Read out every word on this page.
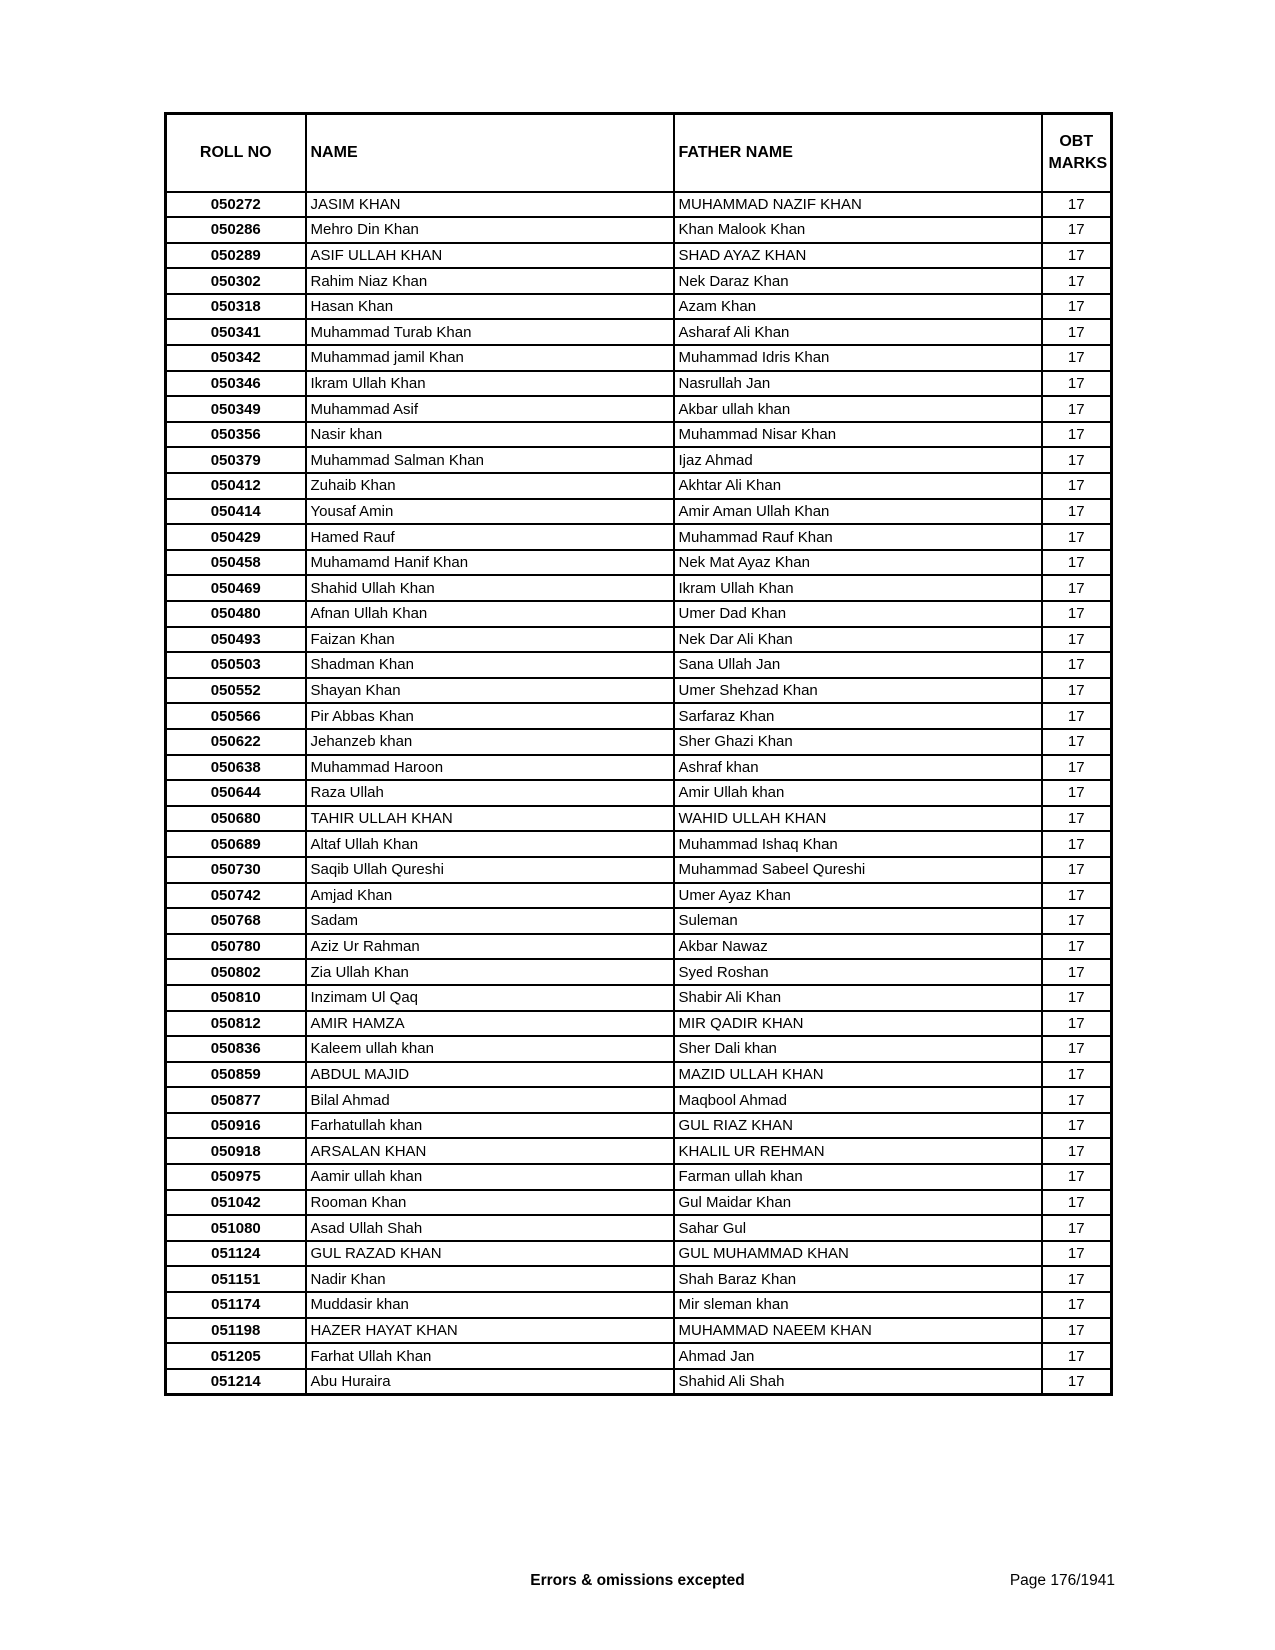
ROLL NO	NAME	FATHER NAME	OBT MARKS
050272	JASIM KHAN	MUHAMMAD NAZIF KHAN	17
050286	Mehro Din Khan	Khan Malook Khan	17
050289	ASIF ULLAH KHAN	SHAD AYAZ KHAN	17
050302	Rahim Niaz Khan	Nek Daraz Khan	17
050318	Hasan Khan	Azam Khan	17
050341	Muhammad Turab Khan	Asharaf Ali Khan	17
050342	Muhammad jamil Khan	Muhammad Idris Khan	17
050346	Ikram Ullah Khan	Nasrullah Jan	17
050349	Muhammad Asif	Akbar ullah khan	17
050356	Nasir khan	Muhammad Nisar Khan	17
050379	Muhammad Salman Khan	Ijaz Ahmad	17
050412	Zuhaib Khan	Akhtar Ali Khan	17
050414	Yousaf Amin	Amir Aman Ullah Khan	17
050429	Hamed Rauf	Muhammad Rauf Khan	17
050458	Muhamamd Hanif Khan	Nek Mat Ayaz Khan	17
050469	Shahid Ullah Khan	Ikram Ullah Khan	17
050480	Afnan Ullah Khan	Umer Dad Khan	17
050493	Faizan Khan	Nek Dar Ali Khan	17
050503	Shadman Khan	Sana Ullah Jan	17
050552	Shayan Khan	Umer Shehzad Khan	17
050566	Pir Abbas Khan	Sarfaraz Khan	17
050622	Jehanzeb khan	Sher Ghazi Khan	17
050638	Muhammad Haroon	Ashraf khan	17
050644	Raza Ullah	Amir Ullah khan	17
050680	TAHIR ULLAH KHAN	WAHID ULLAH KHAN	17
050689	Altaf Ullah Khan	Muhammad Ishaq Khan	17
050730	Saqib Ullah Qureshi	Muhammad Sabeel Qureshi	17
050742	Amjad Khan	Umer Ayaz Khan	17
050768	Sadam	Suleman	17
050780	Aziz Ur Rahman	Akbar Nawaz	17
050802	Zia Ullah Khan	Syed Roshan	17
050810	Inzimam Ul Qaq	Shabir Ali Khan	17
050812	AMIR HAMZA	MIR QADIR KHAN	17
050836	Kaleem ullah khan	Sher Dali khan	17
050859	ABDUL MAJID	MAZID ULLAH KHAN	17
050877	Bilal Ahmad	Maqbool Ahmad	17
050916	Farhatullah khan	GUL RIAZ KHAN	17
050918	ARSALAN KHAN	KHALIL UR REHMAN	17
050975	Aamir ullah khan	Farman ullah khan	17
051042	Rooman Khan	Gul Maidar Khan	17
051080	Asad Ullah Shah	Sahar Gul	17
051124	GUL RAZAD KHAN	GUL MUHAMMAD KHAN	17
051151	Nadir Khan	Shah Baraz Khan	17
051174	Muddasir khan	Mir sleman khan	17
051198	HAZER HAYAT KHAN	MUHAMMAD NAEEM KHAN	17
051205	Farhat Ullah Khan	Ahmad Jan	17
051214	Abu Huraira	Shahid Ali Shah	17
Errors & omissions excepted	Page 176/1941
